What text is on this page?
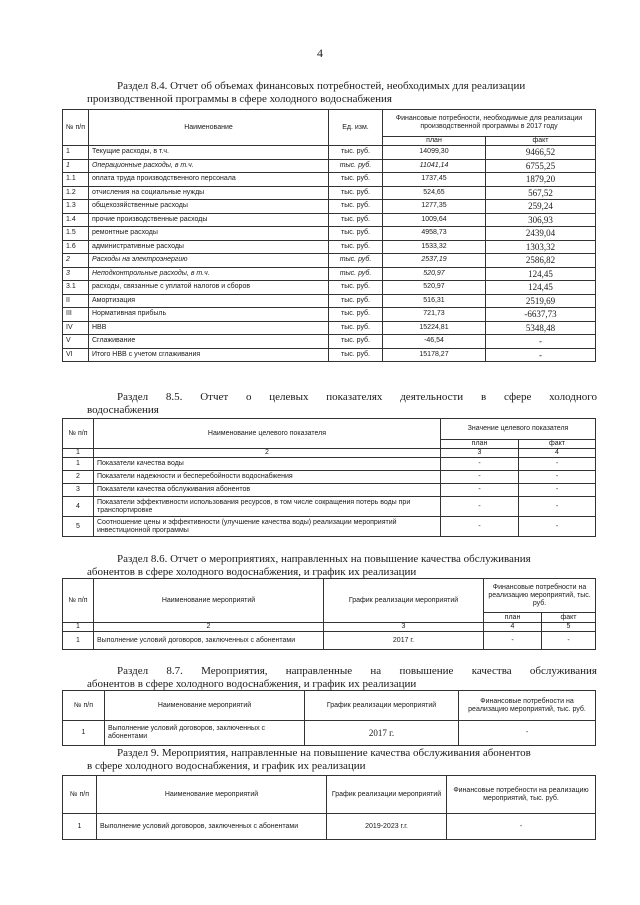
4
Раздел 8.4. Отчет об объемах финансовых потребностей, необходимых для реализации
производственной программы в сфере холодного водоснабжения
№ п/п	Наименование	Ед. изм.	Финансовые потребности, необходимые для реализации производственной программы в 2017 году	
			план	факт
1	Текущие расходы, в т.ч.	тыс. руб.	14099,30	9466,52
1	Операционные расходы, в т.ч.	тыс. руб.	11041,14	6755,25
1.1	оплата труда производственного персонала	тыс. руб.	1737,45	1879,20
1.2	отчисления на социальные нужды	тыс. руб.	524,65	567,52
1.3	общехозяйственные расходы	тыс. руб.	1277,35	259,24
1.4	прочие производственные расходы	тыс. руб.	1009,64	306,93
1.5	ремонтные расходы	тыс. руб.	4958,73	2439,04
1.6	административные расходы	тыс. руб.	1533,32	1303,32
2	Расходы на электроэнергию	тыс. руб.	2537,19	2586,82
3	Неподконтрольные расходы, в т.ч.	тыс. руб.	520,97	124,45
3.1	расходы, связанные с уплатой налогов и сборов	тыс. руб.	520,97	124,45
II	Амортизация	тыс. руб.	516,31	2519,69
III	Нормативная прибыль	тыс. руб.	721,73	-6637,73
IV	НВВ	тыс. руб.	15224,81	5348,48
V	Сглаживание	тыс. руб.	-46,54	-
VI	Итого НВВ с учетом сглаживания	тыс. руб.	15178,27	-
Раздел 8.5. Отчет о целевых показателях деятельности в сфере холодного
водоснабжения
№ п/п	Наименование целевого показателя	Значение целевого показателя	
		план	факт
1	2	3	4
1	Показатели качества воды	-	-
2	Показатели надежности и бесперебойности водоснабжения	-	-
3	Показатели качества обслуживания абонентов	-	-
4	Показатели эффективности использования ресурсов, в том числе сокращения потерь воды при транспортировке	-	-
5	Соотношение цены и эффективности (улучшение качества воды) реализации мероприятий инвестиционной программы	-	-
Раздел 8.6. Отчет о мероприятиях, направленных на повышение качества обслуживания
абонентов в сфере холодного водоснабжения, и график их реализации
№ п/п	Наименование мероприятий	График реализации мероприятий	Финансовые потребности на реализацию мероприятий, тыс. руб.	
			план	факт
1	2	3	4	5
1	Выполнение условий договоров, заключенных с абонентами	2017 г.	-	-
Раздел 8.7. Мероприятия, направленные на повышение качества обслуживания
абонентов в сфере холодного водоснабжения, и график их реализации
№ п/п	Наименование мероприятий	График реализации мероприятий	Финансовые потребности на реализацию мероприятий, тыс. руб.
1	Выполнение условий договоров, заключенных с абонентами	2017 г.	-
Раздел 9. Мероприятия, направленные на повышение качества обслуживания абонентов
в сфере холодного водоснабжения, и график их реализации
№ п/п	Наименование мероприятий	График реализации мероприятий	Финансовые потребности на реализацию мероприятий, тыс. руб.
1	Выполнение условий договоров, заключенных с абонентами	2019-2023 г.г.	-
